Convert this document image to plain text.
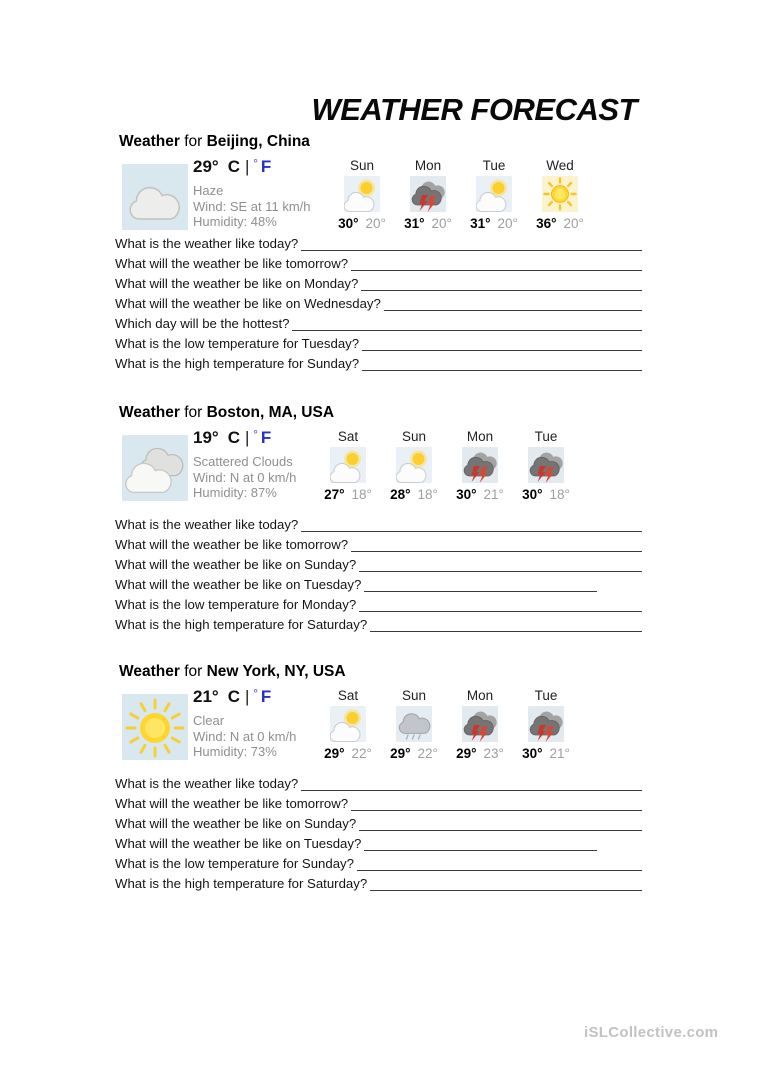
WEATHER FORECAST
Weather for Beijing, China
29° C | ° F
Haze
Wind: SE at 11 km/h
Humidity: 48%
Sun
30° 20°
Mon
31° 20°
Tue
31° 20°
Wed
36° 20°
What is the weather like today?
What will the weather be like tomorrow?
What will the weather be like on Monday?
What will the weather be like on Wednesday?
Which day will be the hottest?
What is the low temperature for Tuesday?
What is the high temperature for Sunday?
Weather for Boston, MA, USA
19° C | ° F
Scattered Clouds
Wind: N at 0 km/h
Humidity: 87%
Sat
27° 18°
Sun
28° 18°
Mon
30° 21°
Tue
30° 18°
What is the weather like today?
What will the weather be like tomorrow?
What will the weather be like on Sunday?
What will the weather be like on Tuesday?
What is the low temperature for Monday?
What is the high temperature for Saturday?
Weather for New York, NY, USA
21° C | ° F
Clear
Wind: N at 0 km/h
Humidity: 73%
Sat
29° 22°
Sun
29° 22°
Mon
29° 23°
Tue
30° 21°
What is the weather like today?
What will the weather be like tomorrow?
What will the weather be like on Sunday?
What will the weather be like on Tuesday?
What is the low temperature for Sunday?
What is the high temperature for Saturday?
iSLCollective.com
